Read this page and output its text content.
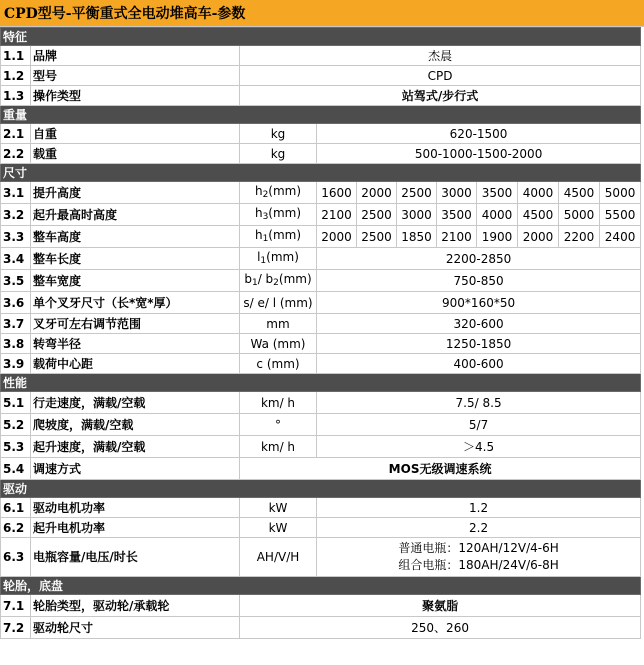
CPD型号-平衡重式全电动堆高车-参数
特征										
1.1	品牌	杰晨								
1.2	型号	CPD								
1.3	操作类型	站驾式/步行式								
重量										
2.1	自重	kg	620-1500							
2.2	载重	kg	500-1000-1500-2000							
尺寸										
3.1	提升高度	$h_2(mm)$	1600	2000	2500	3000	3500	4000	4500	5000
3.2	起升最高时高度	$h_3(mm)$	2100	2500	3000	3500	4000	4500	5000	5500
3.3	整车高度	$h_1(mm)$	2000	2500	1850	2100	1900	2000	2200	2400
3.4	整车长度	$l_1(mm)$	2200-2850							
3.5	整车宽度	$b_1/$ $b_2(mm)$	750-850							
3.6	单个叉牙尺寸（长*宽*厚）	s/ e/ l (mm)	900*160*50							
3.7	叉牙可左右调节范围	mm	320-600							
3.8	转弯半径	Wa (mm)	1250-1850							
3.9	载荷中心距	c (mm)	400-600							
性能										
5.1	行走速度，满载/空载	km/ h	7.5/ 8.5							
5.2	爬坡度，满载/空载	°	5/7							
5.3	起升速度，满载/空载	km/ h	＞4.5							
5.4	调速方式	MOS无级调速系统								
驱动										
6.1	驱动电机功率	kW	1.2							
6.2	起升电机功率	kW	2.2							
6.3	电瓶容量/电压/时长	AH/V/H	普通电瓶：120AH/12V/4-6H
组合电瓶：180AH/24V/6-8H							

轮胎，底盘										
7.1	轮胎类型，驱动轮/承载轮	聚氨脂								
7.2	驱动轮尺寸	250、260								
